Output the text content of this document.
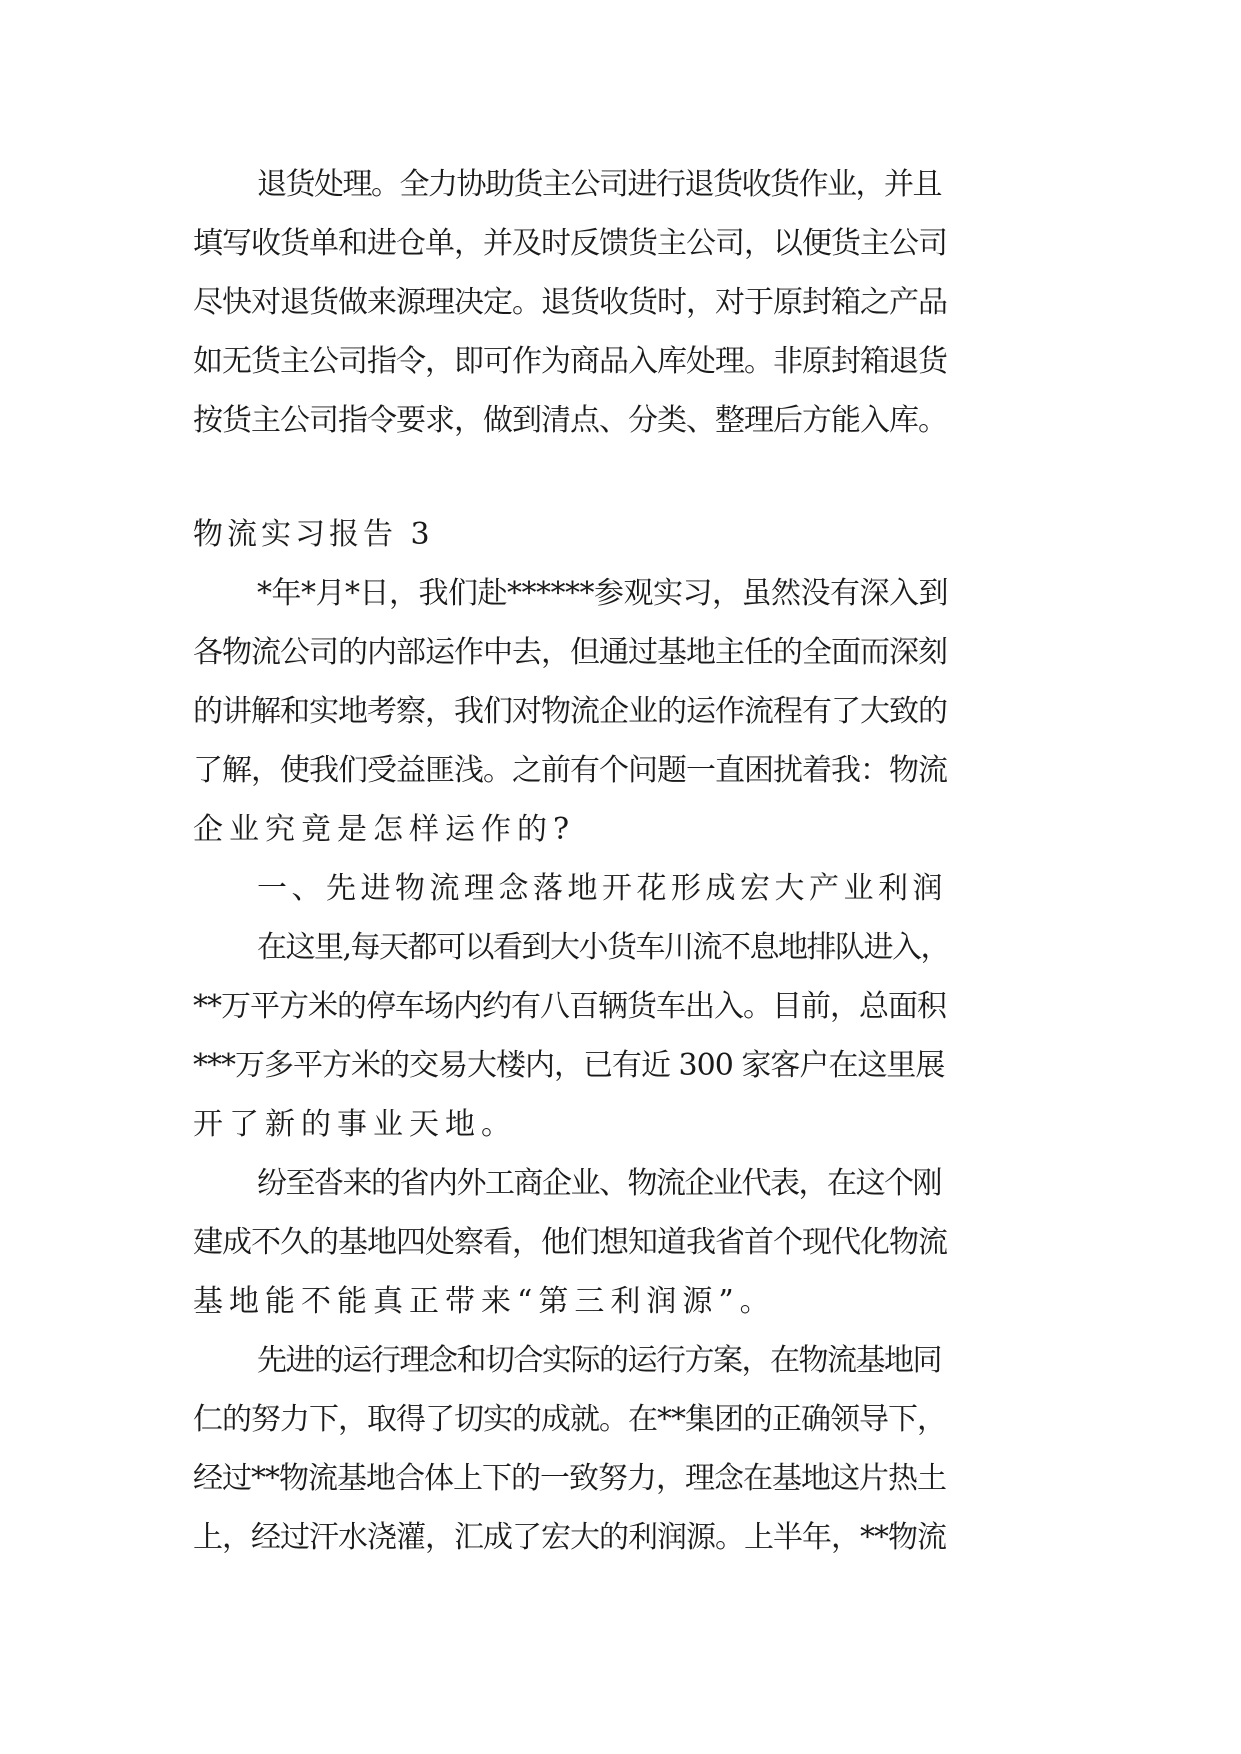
退货处理。全力协助货主公司进行退货收货作业，并且
填写收货单和进仓单，并及时反馈货主公司，以便货主公司
尽快对退货做来源理决定。退货收货时，对于原封箱之产品
如无货主公司指令，即可作为商品入库处理。非原封箱退货
按货主公司指令要求，做到清点、分类、整理后方能入库。
物流实习报告 3
*年*月*日，我们赴******参观实习，虽然没有深入到
各物流公司的内部运作中去，但通过基地主任的全面而深刻
的讲解和实地考察，我们对物流企业的运作流程有了大致的
了解，使我们受益匪浅。之前有个问题一直困扰着我：物流
企业究竟是怎样运作的?
一、先进物流理念落地开花形成宏大产业利润
在这里,每天都可以看到大小货车川流不息地排队进入，
**万平方米的停车场内约有八百辆货车出入。目前，总面积
***万多平方米的交易大楼内，已有近 300 家客户在这里展
开了新的事业天地。
纷至沓来的省内外工商企业、物流企业代表，在这个刚
建成不久的基地四处察看，他们想知道我省首个现代化物流
基地能不能真正带来“第三利润源”。
先进的运行理念和切合实际的运行方案，在物流基地同
仁的努力下，取得了切实的成就。在**集团的正确领导下，
经过**物流基地合体上下的一致努力，理念在基地这片热土
上，经过汗水浇灌，汇成了宏大的利润源。上半年，**物流
